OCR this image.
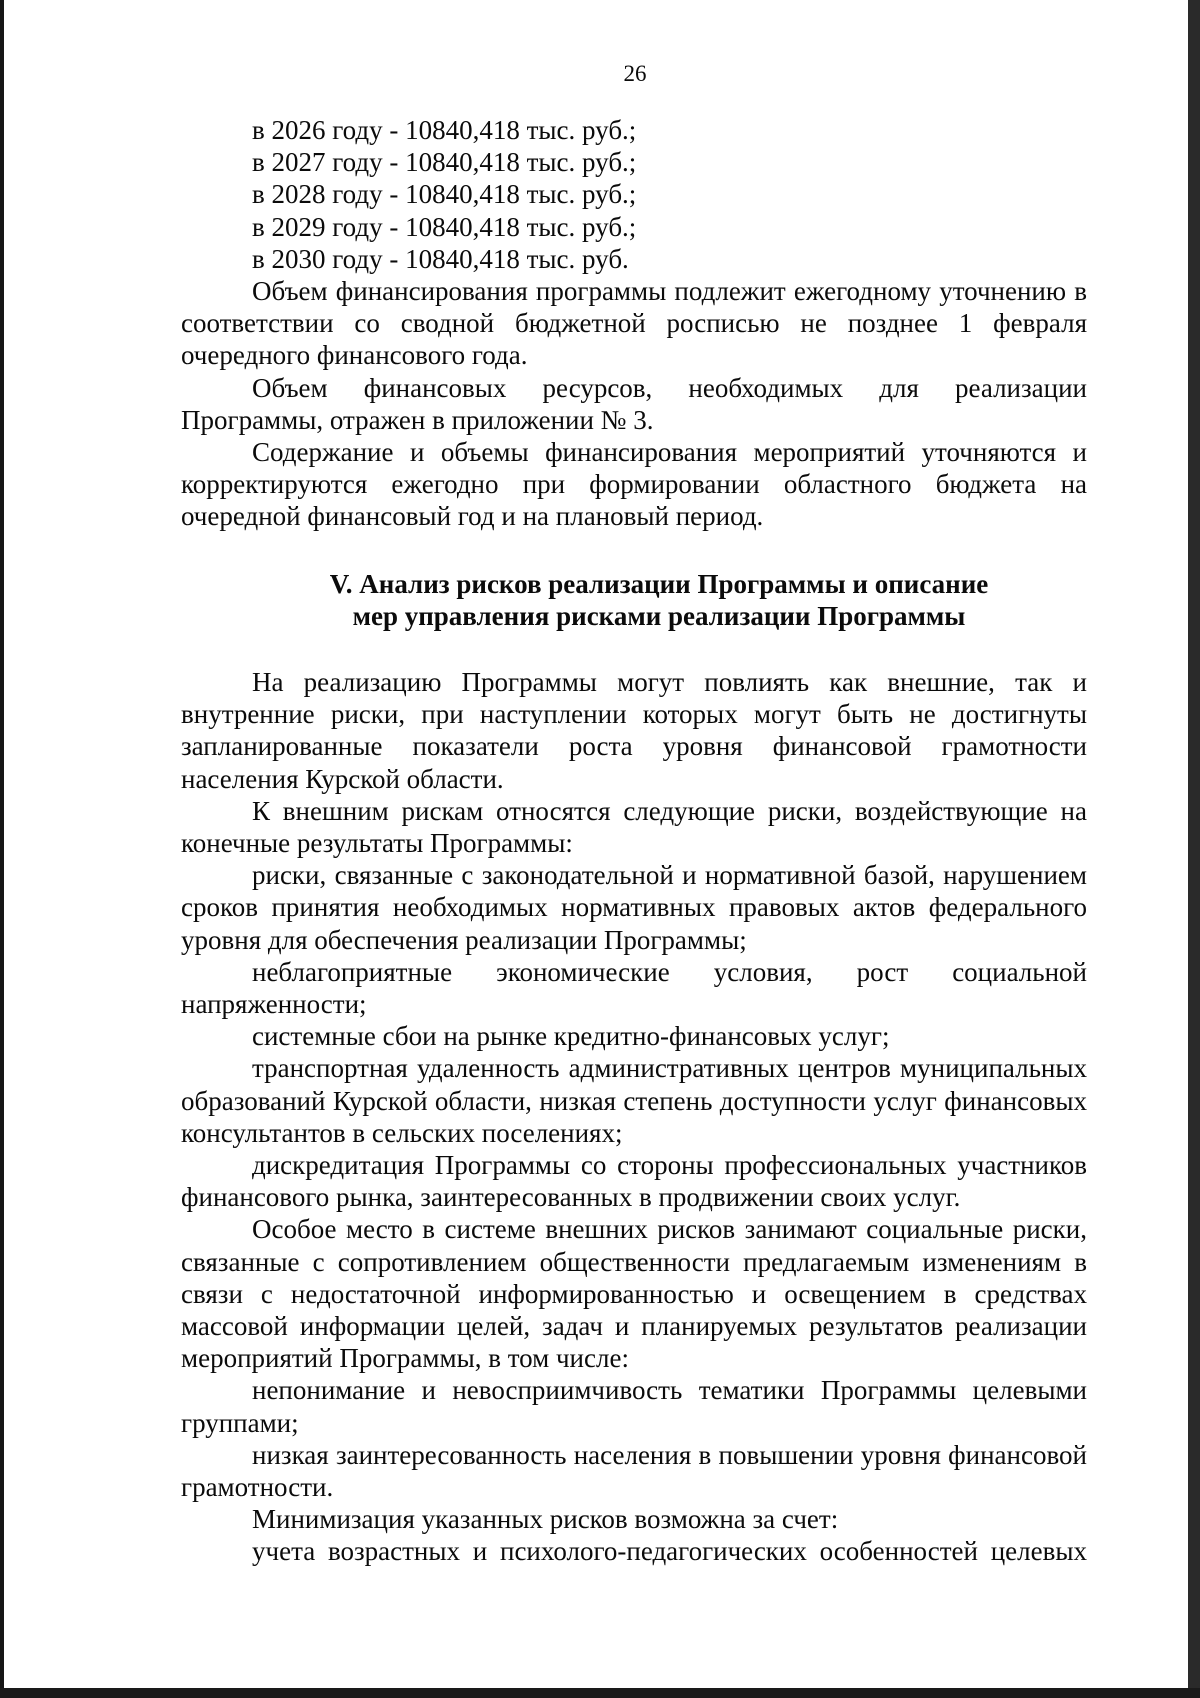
26

в 2026 году - 10840,418 тыс. руб.;

в 2027 году - 10840,418 тыс. руб.;

в 2028 году - 10840,418 тыс. руб.;

в 2029 году - 10840,418 тыс. руб.;

в 2030 году - 10840,418 тыс. руб.

Объем финансирования программы подлежит ежегодному уточнению в соответствии со сводной бюджетной росписью не позднее 1 февраля очередного финансового года.

Объем финансовых ресурсов, необходимых для реализации Программы, отражен в приложении № 3.

Содержание и объемы финансирования мероприятий уточняются и корректируются ежегодно при формировании областного бюджета на очередной финансовый год и на плановый период.

V. Анализ рисков реализации Программы и описание
мер управления рисками реализации Программы

На реализацию Программы могут повлиять как внешние, так и внутренние риски, при наступлении которых могут быть не достигнуты запланированные показатели роста уровня финансовой грамотности населения Курской области.

К внешним рискам относятся следующие риски, воздействующие на конечные результаты Программы:

риски, связанные с законодательной и нормативной базой, нарушением сроков принятия необходимых нормативных правовых актов федерального уровня для обеспечения реализации Программы;

неблагоприятные экономические условия, рост социальной напряженности;

системные сбои на рынке кредитно-финансовых услуг;

транспортная удаленность административных центров муниципальных образований Курской области, низкая степень доступности услуг финансовых консультантов в сельских поселениях;

дискредитация Программы со стороны профессиональных участников финансового рынка, заинтересованных в продвижении своих услуг.

Особое место в системе внешних рисков занимают социальные риски, связанные с сопротивлением общественности предлагаемым изменениям в связи с недостаточной информированностью и освещением в средствах массовой информации целей, задач и планируемых результатов реализации мероприятий Программы, в том числе:

непонимание и невосприимчивость тематики Программы целевыми группами;

низкая заинтересованность населения в повышении уровня финансовой грамотности.

Минимизация указанных рисков возможна за счет:

учета возрастных и психолого-педагогических особенностей целевых
